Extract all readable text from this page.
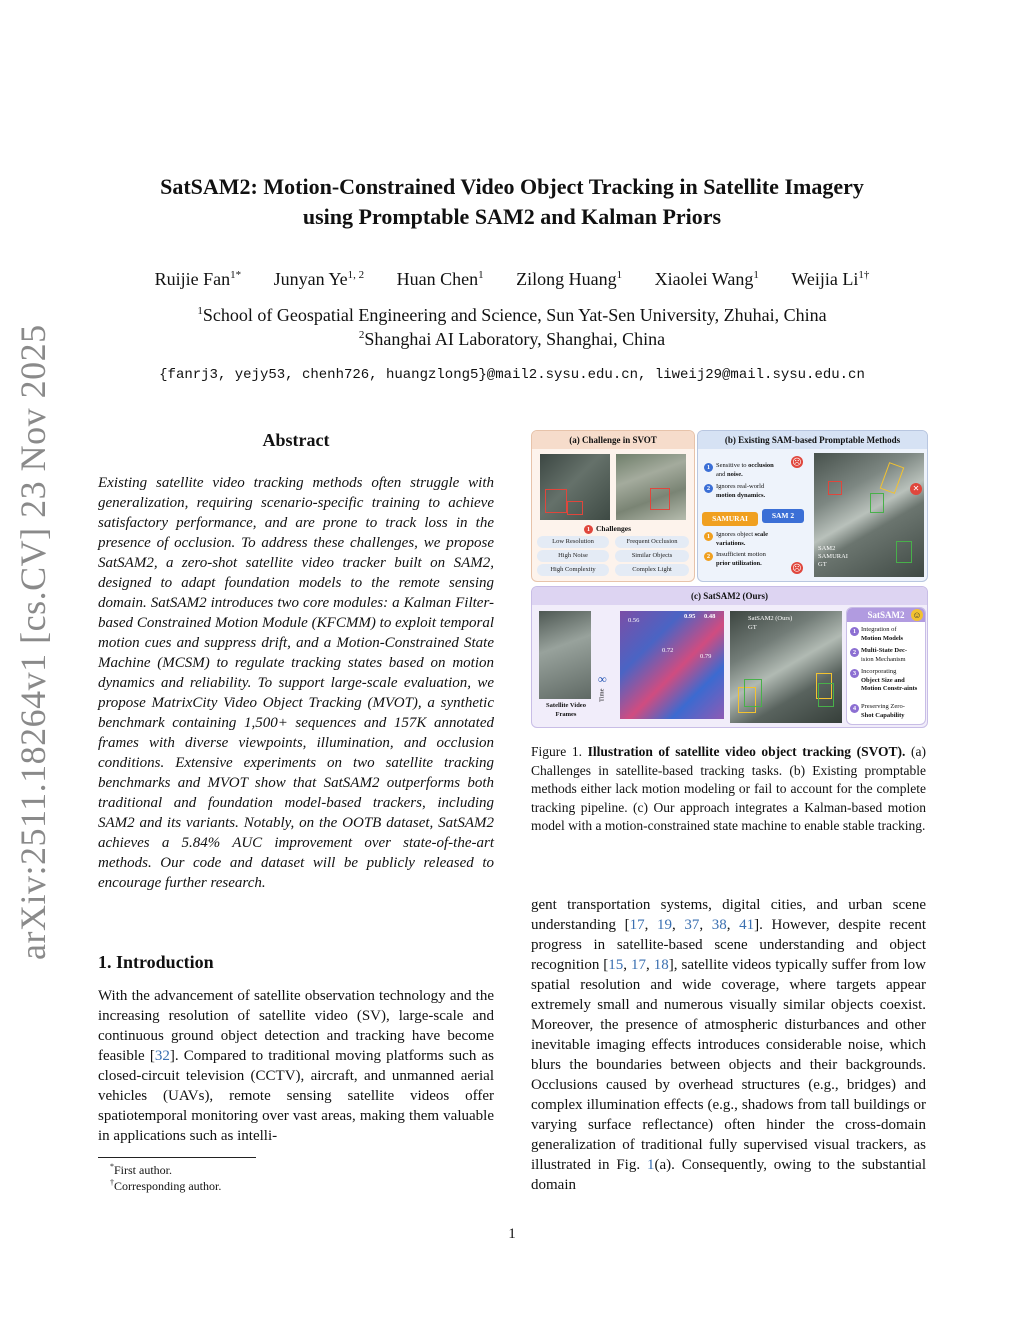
arXiv:2511.18264v1 [cs.CV] 23 Nov 2025
SatSAM2: Motion-Constrained Video Object Tracking in Satellite Imagery
using Promptable SAM2 and Kalman Priors
Ruijie Fan$^{1*}$ Junyan Ye$^{1, 2}$ Huan Chen$^1$ Zilong Huang$^1$ Xiaolei Wang$^1$ Weijia $Li^{1\dagger}$
$^1$School of Geospatial Engineering and Science, Sun Yat-Sen University, Zhuhai, China
$^2$Shanghai AI Laboratory, Shanghai, China
{fanrj3, yejy53, chenh726, huangzlong5}@mail2.sysu.edu.cn, liweij29@mail.sysu.edu.cn
Abstract
Existing satellite video tracking methods often struggle with generalization, requiring scenario-specific training to achieve satisfactory performance, and are prone to track loss in the presence of occlusion. To address these challenges, we propose SatSAM2, a zero-shot satellite video tracker built on SAM2, designed to adapt foundation models to the remote sensing domain. SatSAM2 introduces two core modules: a Kalman Filter-based Constrained Motion Module (KFCMM) to exploit temporal motion cues and suppress drift, and a Motion-Constrained State Machine (MCSM) to regulate tracking states based on motion dynamics and reliability. To support large-scale evaluation, we propose MatrixCity Video Object Tracking (MVOT), a synthetic benchmark containing 1,500+ sequences and 157K annotated frames with diverse viewpoints, illumination, and occlusion conditions. Extensive experiments on two satellite tracking benchmarks and MVOT show that SatSAM2 outperforms both traditional and foundation model-based trackers, including SAM2 and its variants. Notably, on the OOTB dataset, SatSAM2 achieves a 5.84% AUC improvement over state-of-the-art methods. Our code and dataset will be publicly released to encourage further research.
1. Introduction
With the advancement of satellite observation technology and the increasing resolution of satellite video (SV), large-scale and continuous ground object detection and tracking have become feasible [32]. Compared to traditional moving platforms such as closed-circuit television (CCTV), aircraft, and unmanned aerial vehicles (UAVs), remote sensing satellite videos offer spatiotemporal monitoring over vast areas, making them valuable in applications such as intelli-
*First author.
†Corresponding author.
(a) Challenge in SVOT
1 Challenges
Low Resolution	Frequent Occlusion
High Noise	Similar Objects
High Complexity	Complex Light
(b) Existing SAM-based Promptable Methods
1 Sensitive to occlusion
and noise.
2 Ignores real-world
motion dynamics.
☹
SAMURAI	SAM 2
1 Ignores object scale
variations.
2 Insufficient motion
prior utilization.	☹
✕
SAM2
SAMURAI
GT
(c) SatSAM2 (Ours)
Satellite Video Frames
∞
Time
0.56
0.95 0.48
0.72
0.79
SatSAM2 (Ours)
GT
SatSAM2 ☺
1 Integration of
Motion Models
2 Multi-State Dec-
ision Mechanism
3 Incorporating
Object Size and Motion Constr-aints
4 Preserving Zero-
Shot Capability
Figure 1. Illustration of satellite video object tracking (SVOT). (a) Challenges in satellite-based tracking tasks. (b) Existing promptable methods either lack motion modeling or fail to account for the complete tracking pipeline. (c) Our approach integrates a Kalman-based motion model with a motion-constrained state machine to enable stable tracking.
gent transportation systems, digital cities, and urban scene understanding [17, 19, 37, 38, 41]. However, despite recent progress in satellite-based scene understanding and object recognition [15, 17, 18], satellite videos typically suffer from low spatial resolution and wide coverage, where targets appear extremely small and numerous visually similar objects coexist. Moreover, the presence of atmospheric disturbances and other inevitable imaging effects introduces considerable noise, which blurs the boundaries between objects and their backgrounds. Occlusions caused by overhead structures (e.g., bridges) and complex illumination effects (e.g., shadows from tall buildings or varying surface reflectance) often hinder the cross-domain generalization of traditional fully supervised visual trackers, as illustrated in Fig. 1(a). Consequently, owing to the substantial domain
1
